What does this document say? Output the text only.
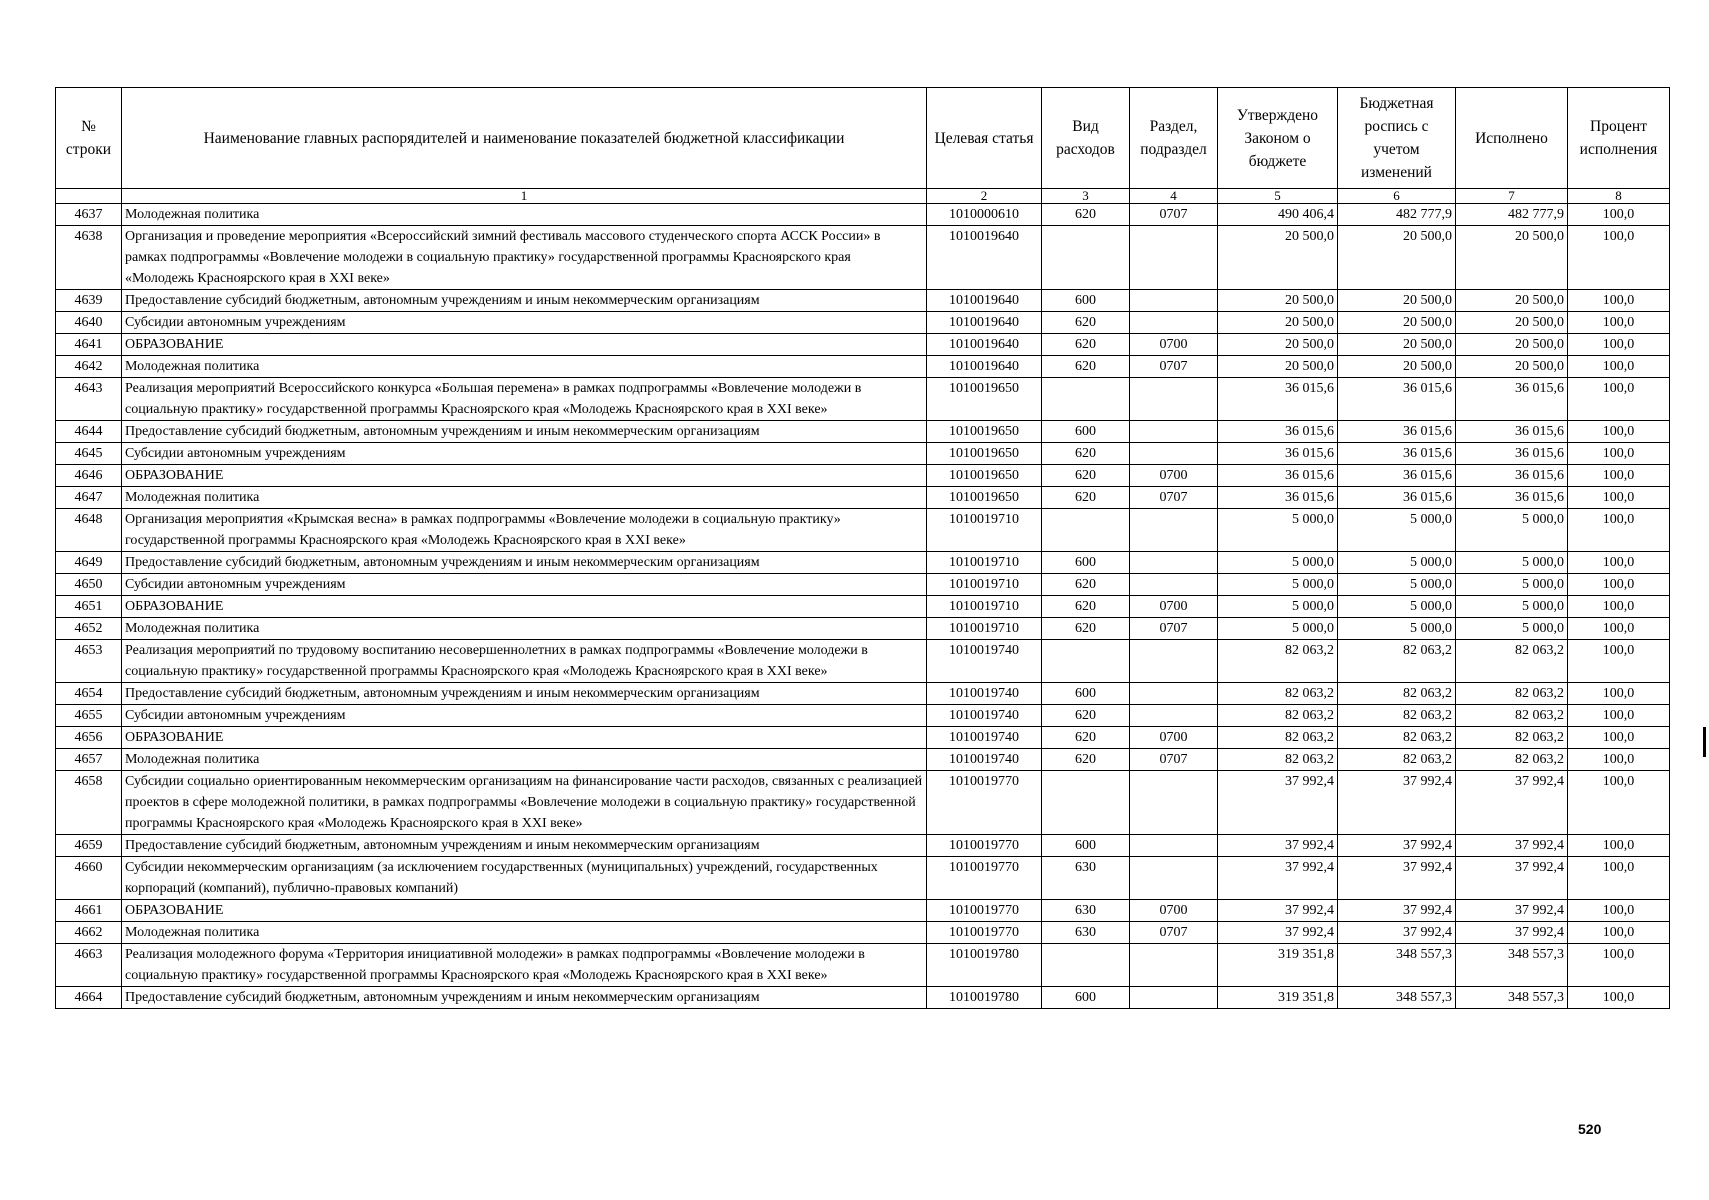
№ строки	Наименование главных распорядителей и наименование показателей бюджетной классификации	Целевая статья	Вид расходов	Раздел, подраздел	Утверждено Законом о бюджете	Бюджетная роспись с учетом изменений	Исполнено	Процент исполнения
	1	2	3	4	5	6	7	8
4637	Молодежная политика	1010000610	620	0707	490 406,4	482 777,9	482 777,9	100,0
4638	Организация и проведение мероприятия «Всероссийский зимний фестиваль массового студенческого спорта АССК России» в рамках подпрограммы «Вовлечение молодежи в социальную практику» государственной программы Красноярского края «Молодежь Красноярского края в XXI веке»	1010019640			20 500,0	20 500,0	20 500,0	100,0
4639	Предоставление субсидий бюджетным, автономным учреждениям и иным некоммерческим организациям	1010019640	600		20 500,0	20 500,0	20 500,0	100,0
4640	Субсидии автономным учреждениям	1010019640	620		20 500,0	20 500,0	20 500,0	100,0
4641	ОБРАЗОВАНИЕ	1010019640	620	0700	20 500,0	20 500,0	20 500,0	100,0
4642	Молодежная политика	1010019640	620	0707	20 500,0	20 500,0	20 500,0	100,0
4643	Реализация мероприятий Всероссийского конкурса «Большая перемена» в рамках подпрограммы «Вовлечение молодежи в социальную практику» государственной программы Красноярского края «Молодежь Красноярского края в XXI веке»	1010019650			36 015,6	36 015,6	36 015,6	100,0
4644	Предоставление субсидий бюджетным, автономным учреждениям и иным некоммерческим организациям	1010019650	600		36 015,6	36 015,6	36 015,6	100,0
4645	Субсидии автономным учреждениям	1010019650	620		36 015,6	36 015,6	36 015,6	100,0
4646	ОБРАЗОВАНИЕ	1010019650	620	0700	36 015,6	36 015,6	36 015,6	100,0
4647	Молодежная политика	1010019650	620	0707	36 015,6	36 015,6	36 015,6	100,0
4648	Организация мероприятия «Крымская весна» в рамках подпрограммы «Вовлечение молодежи в социальную практику» государственной программы Красноярского края «Молодежь Красноярского края в XXI веке»	1010019710			5 000,0	5 000,0	5 000,0	100,0
4649	Предоставление субсидий бюджетным, автономным учреждениям и иным некоммерческим организациям	1010019710	600		5 000,0	5 000,0	5 000,0	100,0
4650	Субсидии автономным учреждениям	1010019710	620		5 000,0	5 000,0	5 000,0	100,0
4651	ОБРАЗОВАНИЕ	1010019710	620	0700	5 000,0	5 000,0	5 000,0	100,0
4652	Молодежная политика	1010019710	620	0707	5 000,0	5 000,0	5 000,0	100,0
4653	Реализация мероприятий по трудовому воспитанию несовершеннолетних в рамках подпрограммы «Вовлечение молодежи в социальную практику» государственной программы Красноярского края «Молодежь Красноярского края в XXI веке»	1010019740			82 063,2	82 063,2	82 063,2	100,0
4654	Предоставление субсидий бюджетным, автономным учреждениям и иным некоммерческим организациям	1010019740	600		82 063,2	82 063,2	82 063,2	100,0
4655	Субсидии автономным учреждениям	1010019740	620		82 063,2	82 063,2	82 063,2	100,0
4656	ОБРАЗОВАНИЕ	1010019740	620	0700	82 063,2	82 063,2	82 063,2	100,0
4657	Молодежная политика	1010019740	620	0707	82 063,2	82 063,2	82 063,2	100,0
4658	Субсидии социально ориентированным некоммерческим организациям на финансирование части расходов, связанных с реализацией проектов в сфере молодежной политики, в рамках подпрограммы «Вовлечение молодежи в социальную практику» государственной программы Красноярского края «Молодежь Красноярского края в XXI веке»	1010019770			37 992,4	37 992,4	37 992,4	100,0
4659	Предоставление субсидий бюджетным, автономным учреждениям и иным некоммерческим организациям	1010019770	600		37 992,4	37 992,4	37 992,4	100,0
4660	Субсидии некоммерческим организациям (за исключением государственных (муниципальных) учреждений, государственных корпораций (компаний), публично-правовых компаний)	1010019770	630		37 992,4	37 992,4	37 992,4	100,0
4661	ОБРАЗОВАНИЕ	1010019770	630	0700	37 992,4	37 992,4	37 992,4	100,0
4662	Молодежная политика	1010019770	630	0707	37 992,4	37 992,4	37 992,4	100,0
4663	Реализация молодежного форума «Территория инициативной молодежи» в рамках подпрограммы «Вовлечение молодежи в социальную практику» государственной программы Красноярского края «Молодежь Красноярского края в XXI веке»	1010019780			319 351,8	348 557,3	348 557,3	100,0
4664	Предоставление субсидий бюджетным, автономным учреждениям и иным некоммерческим организациям	1010019780	600		319 351,8	348 557,3	348 557,3	100,0
520
